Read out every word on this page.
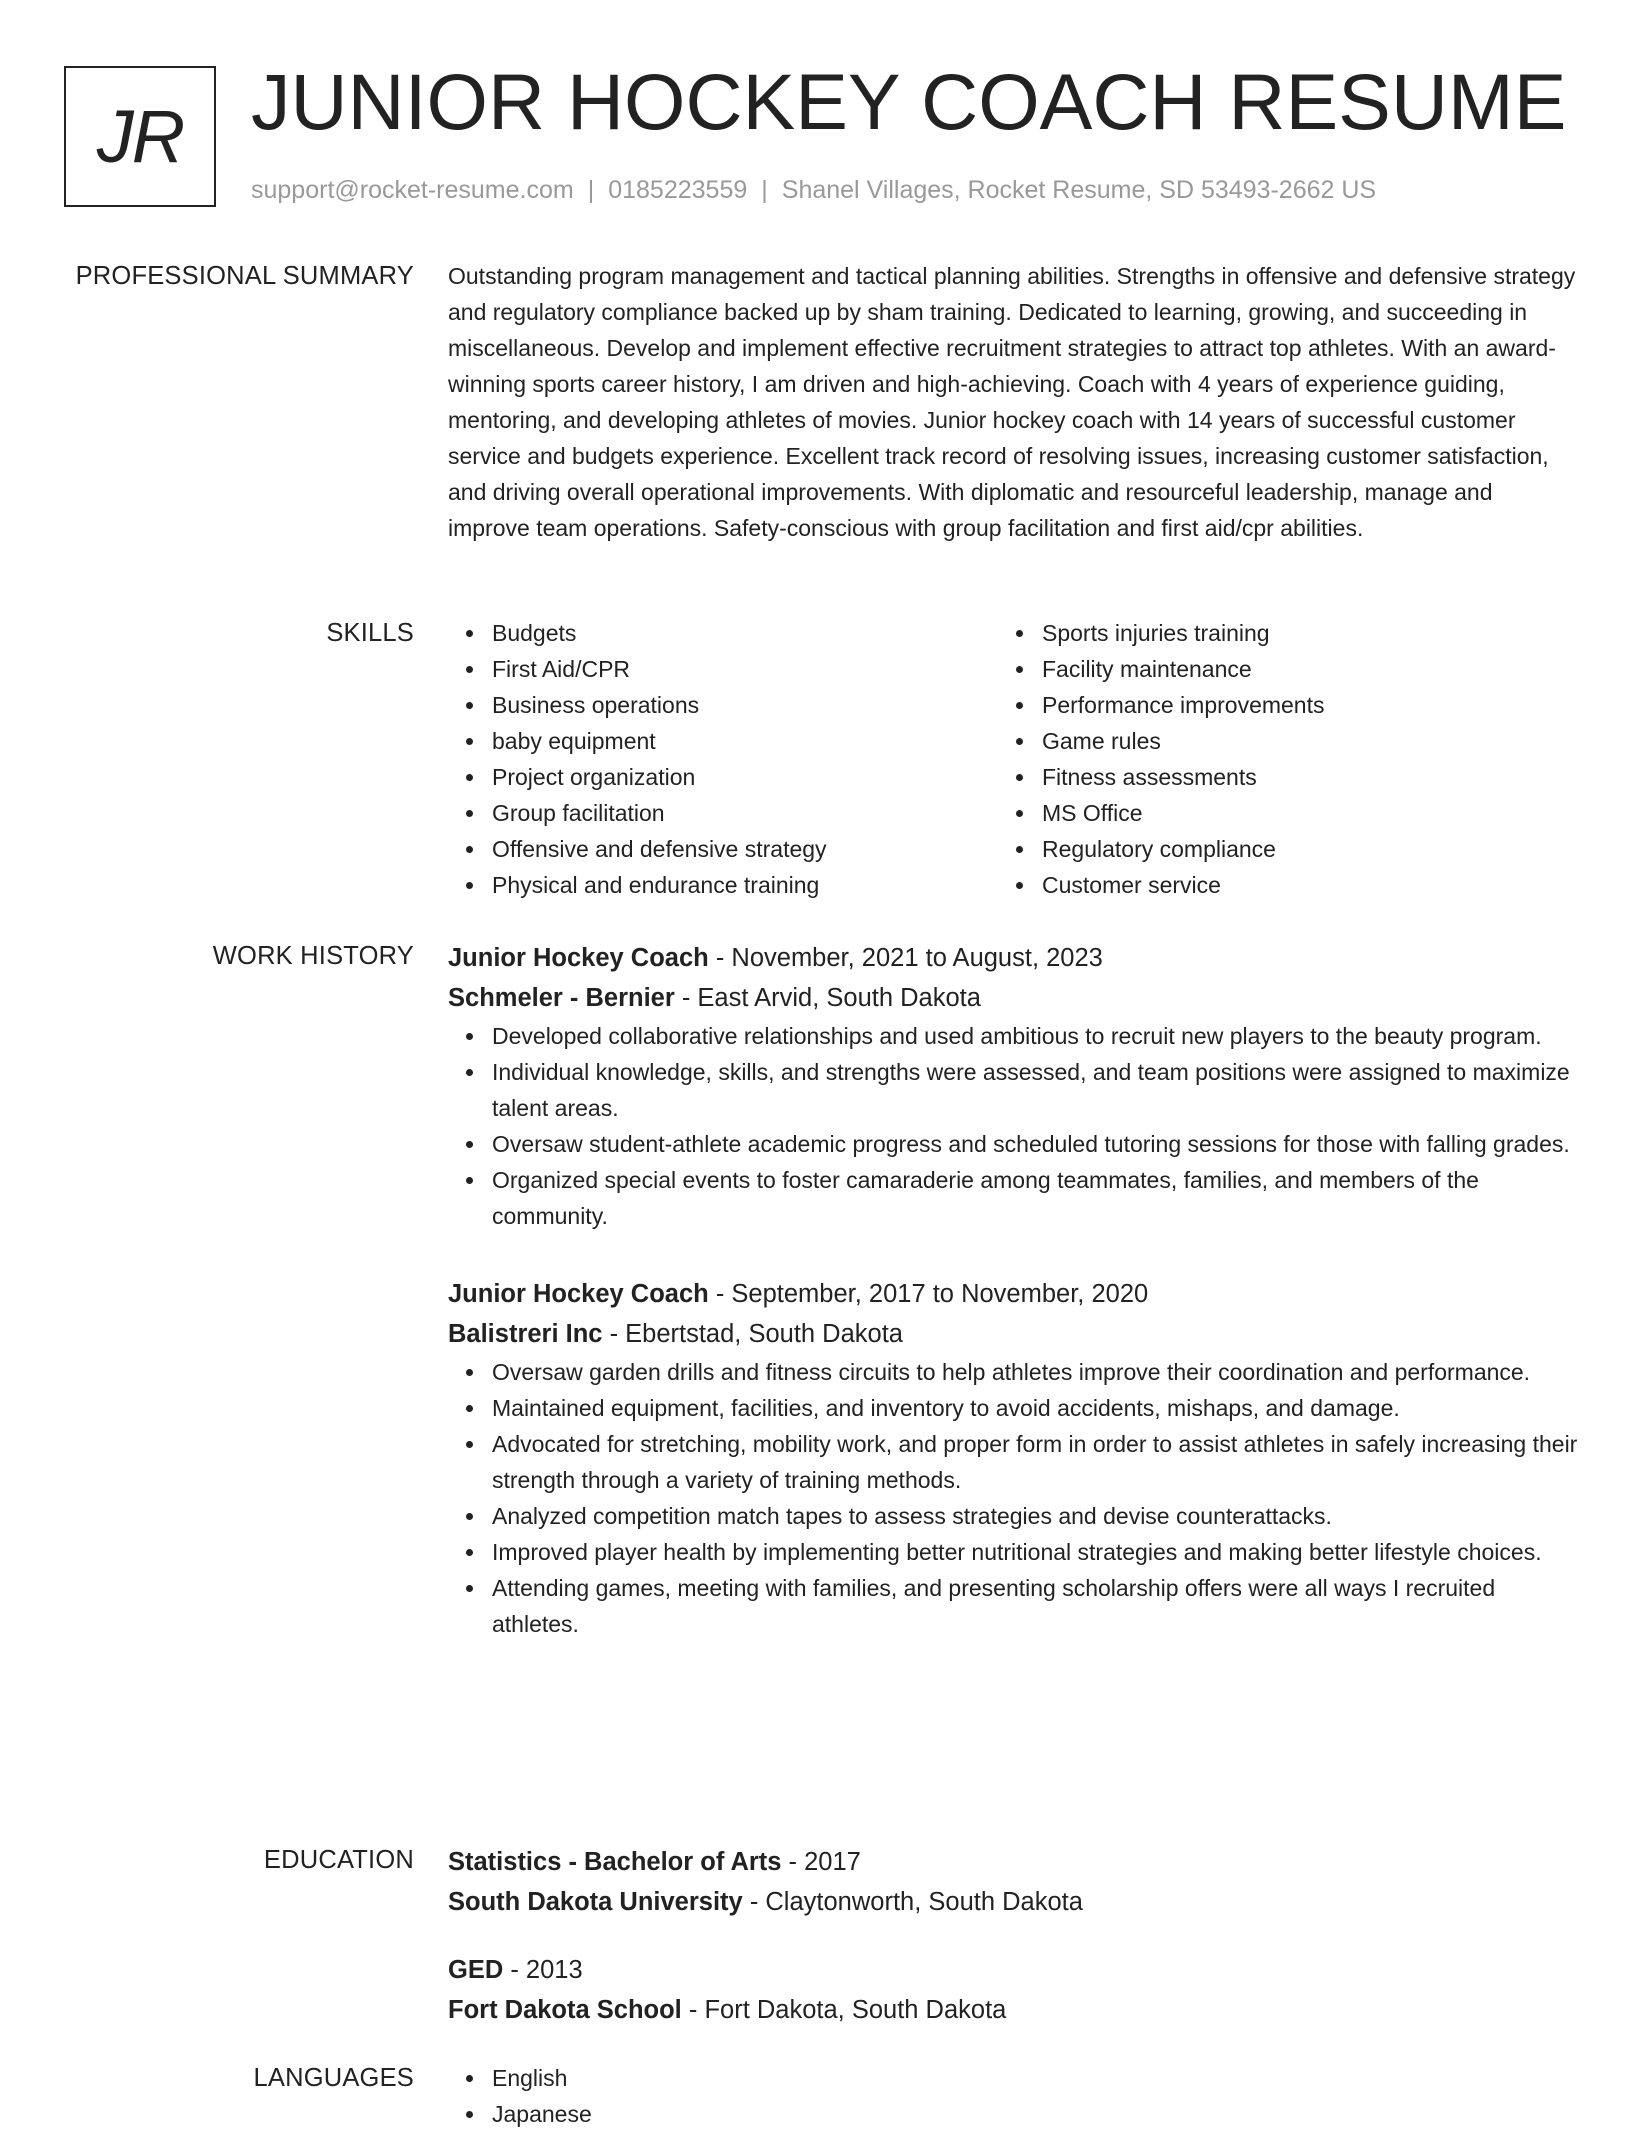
JR JUNIOR HOCKEY COACH RESUME
support@rocket-resume.com | 0185223559 | Shanel Villages, Rocket Resume, SD 53493-2662 US
PROFESSIONAL SUMMARY Outstanding program management and tactical planning abilities. Strengths in offensive and defensive strategy and regulatory compliance backed up by sham training. Dedicated to learning, growing, and succeeding in miscellaneous. Develop and implement effective recruitment strategies to attract top athletes. With an award-winning sports career history, I am driven and high-achieving. Coach with 4 years of experience guiding, mentoring, and developing athletes of movies. Junior hockey coach with 14 years of successful customer service and budgets experience. Excellent track record of resolving issues, increasing customer satisfaction, and driving overall operational improvements. With diplomatic and resourceful leadership, manage and improve team operations. Safety-conscious with group facilitation and first aid/cpr abilities.

SKILLS	Budgets
First Aid/CPR
Business operations
baby equipment
Project organization
Group facilitation
Offensive and defensive strategy
Physical and endurance training
Sports injuries training
Facility maintenance
Performance improvements
Game rules
Fitness assessments
MS Office
Regulatory compliance
Customer service
WORK HISTORY Junior Hockey Coach - November, 2021 to August, 2023
Schmeler - Bernier - East Arvid, South Dakota
Developed collaborative relationships and used ambitious to recruit new players to the beauty program.
Individual knowledge, skills, and strengths were assessed, and team positions were assigned to maximize talent areas.
Oversaw student-athlete academic progress and scheduled tutoring sessions for those with falling grades.
Organized special events to foster camaraderie among teammates, families, and members of the community.
Junior Hockey Coach - September, 2017 to November, 2020
Balistreri Inc - Ebertstad, South Dakota
Oversaw garden drills and fitness circuits to help athletes improve their coordination and performance.
Maintained equipment, facilities, and inventory to avoid accidents, mishaps, and damage.
Advocated for stretching, mobility work, and proper form in order to assist athletes in safely increasing their strength through a variety of training methods.
Analyzed competition match tapes to assess strategies and devise counterattacks.
Improved player health by implementing better nutritional strategies and making better lifestyle choices.
Attending games, meeting with families, and presenting scholarship offers were all ways I recruited athletes.
EDUCATION Statistics - Bachelor of Arts - 2017
South Dakota University - Claytonworth, South Dakota
GED - 2013
Fort Dakota School - Fort Dakota, South Dakota
LANGUAGES	English
Japanese
